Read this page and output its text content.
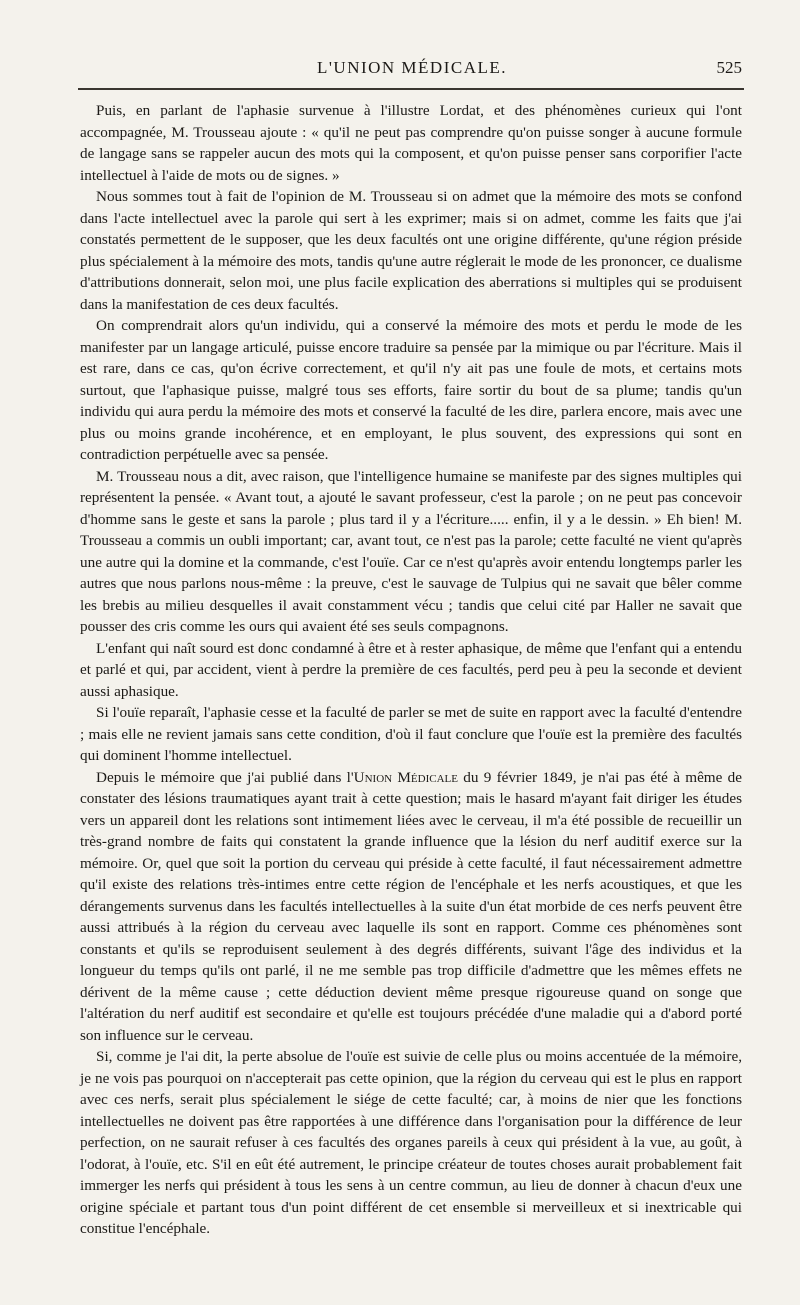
L'UNION MÉDICALE.	525

Puis, en parlant de l'aphasie survenue à l'illustre Lordat, et des phénomènes curieux qui l'ont accompagnée, M. Trousseau ajoute : « qu'il ne peut pas comprendre qu'on puisse songer à aucune formule de langage sans se rappeler aucun des mots qui la composent, et qu'on puisse penser sans corporifier l'acte intellectuel à l'aide de mots ou de signes. »

Nous sommes tout à fait de l'opinion de M. Trousseau si on admet que la mémoire des mots se confond dans l'acte intellectuel avec la parole qui sert à les exprimer; mais si on admet, comme les faits que j'ai constatés permettent de le supposer, que les deux facultés ont une origine différente, qu'une région préside plus spécialement à la mémoire des mots, tandis qu'une autre réglerait le mode de les prononcer, ce dualisme d'attributions donnerait, selon moi, une plus facile explication des aberrations si multiples qui se produisent dans la manifestation de ces deux facultés.

On comprendrait alors qu'un individu, qui a conservé la mémoire des mots et perdu le mode de les manifester par un langage articulé, puisse encore traduire sa pensée par la mimique ou par l'écriture. Mais il est rare, dans ce cas, qu'on écrive correctement, et qu'il n'y ait pas une foule de mots, et certains mots surtout, que l'aphasique puisse, malgré tous ses efforts, faire sortir du bout de sa plume; tandis qu'un individu qui aura perdu la mémoire des mots et conservé la faculté de les dire, parlera encore, mais avec une plus ou moins grande incohérence, et en employant, le plus souvent, des expressions qui sont en contradiction perpétuelle avec sa pensée.

M. Trousseau nous a dit, avec raison, que l'intelligence humaine se manifeste par des signes multiples qui représentent la pensée. « Avant tout, a ajouté le savant professeur, c'est la parole ; on ne peut pas concevoir d'homme sans le geste et sans la parole ; plus tard il y a l'écriture..... enfin, il y a le dessin. » Eh bien! M. Trousseau a commis un oubli important; car, avant tout, ce n'est pas la parole; cette faculté ne vient qu'après une autre qui la domine et la commande, c'est l'ouïe. Car ce n'est qu'après avoir entendu longtemps parler les autres que nous parlons nous-même : la preuve, c'est le sauvage de Tulpius qui ne savait que bêler comme les brebis au milieu desquelles il avait constamment vécu ; tandis que celui cité par Haller ne savait que pousser des cris comme les ours qui avaient été ses seuls compagnons.

L'enfant qui naît sourd est donc condamné à être et à rester aphasique, de même que l'enfant qui a entendu et parlé et qui, par accident, vient à perdre la première de ces facultés, perd peu à peu la seconde et devient aussi aphasique.

Si l'ouïe reparaît, l'aphasie cesse et la faculté de parler se met de suite en rapport avec la faculté d'entendre ; mais elle ne revient jamais sans cette condition, d'où il faut conclure que l'ouïe est la première des facultés qui dominent l'homme intellectuel.

Depuis le mémoire que j'ai publié dans l'Union Médicale du 9 février 1849, je n'ai pas été à même de constater des lésions traumatiques ayant trait à cette question; mais le hasard m'ayant fait diriger les études vers un appareil dont les relations sont intimement liées avec le cerveau, il m'a été possible de recueillir un très-grand nombre de faits qui constatent la grande influence que la lésion du nerf auditif exerce sur la mémoire. Or, quel que soit la portion du cerveau qui préside à cette faculté, il faut nécessairement admettre qu'il existe des relations très-intimes entre cette région de l'encéphale et les nerfs acoustiques, et que les dérangements survenus dans les facultés intellectuelles à la suite d'un état morbide de ces nerfs peuvent être aussi attribués à la région du cerveau avec laquelle ils sont en rapport. Comme ces phénomènes sont constants et qu'ils se reproduisent seulement à des degrés différents, suivant l'âge des individus et la longueur du temps qu'ils ont parlé, il ne me semble pas trop difficile d'admettre que les mêmes effets ne dérivent de la même cause ; cette déduction devient même presque rigoureuse quand on songe que l'altération du nerf auditif est secondaire et qu'elle est toujours précédée d'une maladie qui a d'abord porté son influence sur le cerveau.

Si, comme je l'ai dit, la perte absolue de l'ouïe est suivie de celle plus ou moins accentuée de la mémoire, je ne vois pas pourquoi on n'accepterait pas cette opinion, que la région du cerveau qui est le plus en rapport avec ces nerfs, serait plus spécialement le siége de cette faculté; car, à moins de nier que les fonctions intellectuelles ne doivent pas être rapportées à une différence dans l'organisation pour la différence de leur perfection, on ne saurait refuser à ces facultés des organes pareils à ceux qui président à la vue, au goût, à l'odorat, à l'ouïe, etc. S'il en eût été autrement, le principe créateur de toutes choses aurait probablement fait immerger les nerfs qui président à tous les sens à un centre commun, au lieu de donner à chacun d'eux une origine spéciale et partant tous d'un point différent de cet ensemble si merveilleux et si inextricable qui constitue l'encéphale.
